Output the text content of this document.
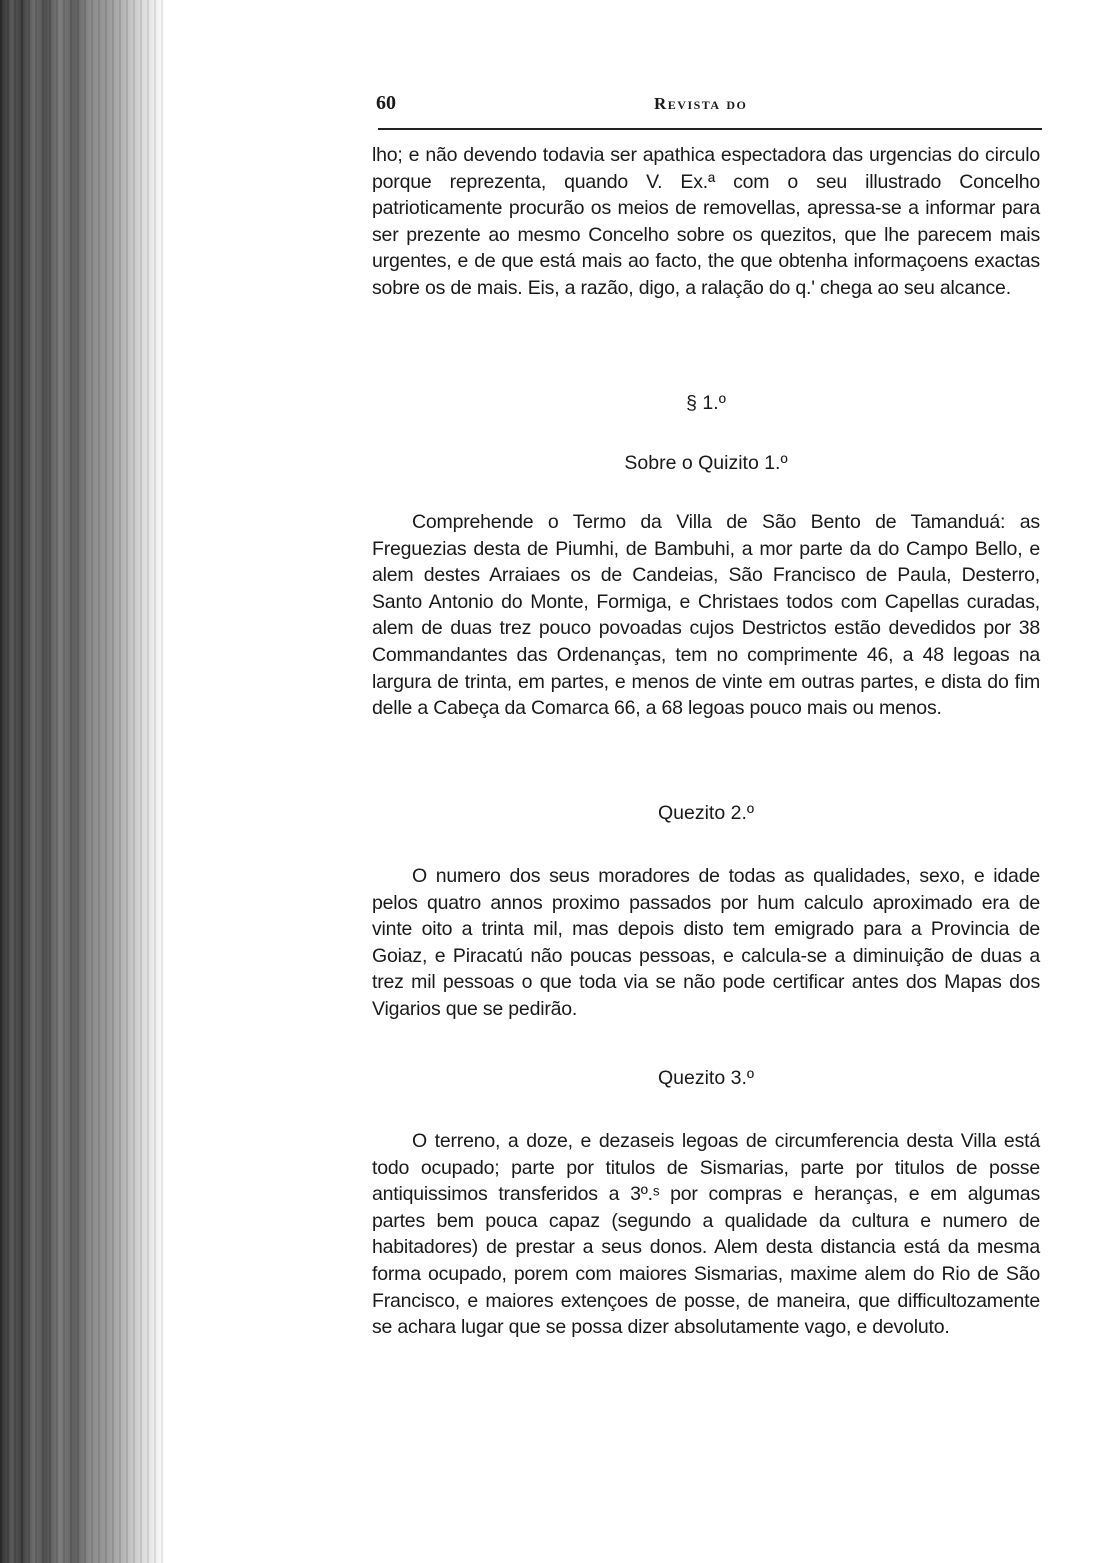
60	Revista do

lho; e não devendo todavia ser apathica espectadora das urgencias do circulo porque reprezenta, quando V. Ex.ª com o seu illustrado Concelho patrioticamente procurão os meios de removellas, apressa-se a informar para ser prezente ao mesmo Concelho sobre os quezitos, que lhe parecem mais urgentes, e de que está mais ao facto, the que obtenha informaçoens exactas sobre os de mais. Eis, a razão, digo, a ralação do q.' chega ao seu alcance.

§ 1.º
Sobre o Quizito 1.º

Comprehende o Termo da Villa de São Bento de Tamanduá: as Freguezias desta de Piumhi, de Bambuhi, a mor parte da do Campo Bello, e alem destes Arraiaes os de Candeias, São Francisco de Paula, Desterro, Santo Antonio do Monte, Formiga, e Christaes todos com Capellas curadas, alem de duas trez pouco povoadas cujos Destrictos estão devedidos por 38 Commandantes das Ordenanças, tem no comprimente 46, a 48 legoas na largura de trinta, em partes, e menos de vinte em outras partes, e dista do fim delle a Cabeça da Comarca 66, a 68 legoas pouco mais ou menos.

Quezito 2.º

O numero dos seus moradores de todas as qualidades, sexo, e idade pelos quatro annos proximo passados por hum calculo aproximado era de vinte oito a trinta mil, mas depois disto tem emigrado para a Provincia de Goiaz, e Piracatú não poucas pessoas, e calcula-se a diminuição de duas a trez mil pessoas o que toda via se não pode certificar antes dos Mapas dos Vigarios que se pedirão.

Quezito 3.º

O terreno, a doze, e dezaseis legoas de circumferencia desta Villa está todo ocupado; parte por titulos de Sismarias, parte por titulos de posse antiquissimos transferidos a 3º.ˢ por compras e heranças, e em algumas partes bem pouca capaz (segundo a qualidade da cultura e numero de habitadores) de prestar a seus donos. Alem desta distancia está da mesma forma ocupado, porem com maiores Sismarias, maxime alem do Rio de São Francisco, e maiores extençoes de posse, de maneira, que difficultozamente se achara lugar que se possa dizer absolutamente vago, e devoluto.
